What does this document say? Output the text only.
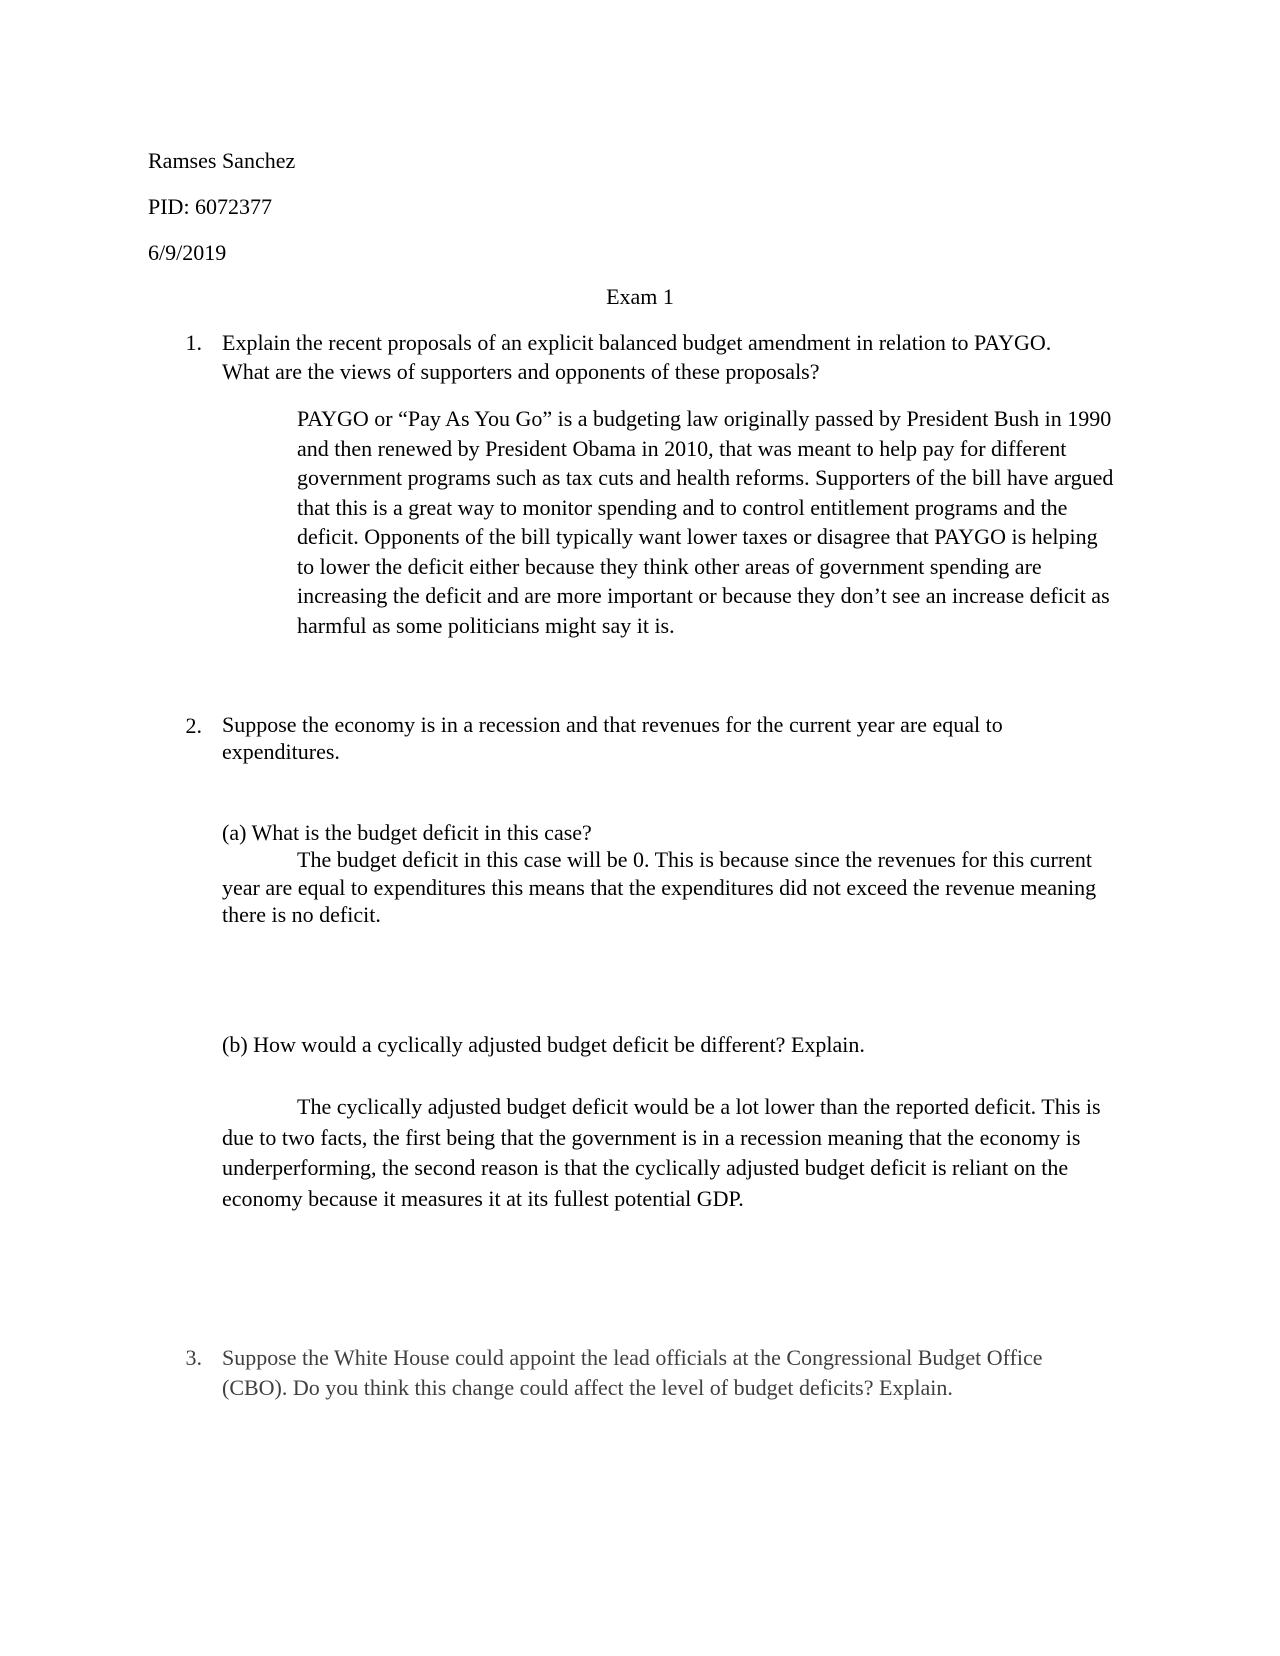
Ramses Sanchez

PID: 6072377

6/9/2019

Exam 1

1. Explain the recent proposals of an explicit balanced budget amendment in relation to PAYGO. What are the views of supporters and opponents of these proposals?

PAYGO or “Pay As You Go” is a budgeting law originally passed by President Bush in 1990 and then renewed by President Obama in 2010, that was meant to help pay for different government programs such as tax cuts and health reforms. Supporters of the bill have argued that this is a great way to monitor spending and to control entitlement programs and the deficit. Opponents of the bill typically want lower taxes or disagree that PAYGO is helping to lower the deficit either because they think other areas of government spending are increasing the deficit and are more important or because they don’t see an increase deficit as harmful as some politicians might say it is.

2. Suppose the economy is in a recession and that revenues for the current year are equal to expenditures.

(a) What is the budget deficit in this case?

The budget deficit in this case will be 0. This is because since the revenues for this current year are equal to expenditures this means that the expenditures did not exceed the revenue meaning there is no deficit.

(b) How would a cyclically adjusted budget deficit be different? Explain.

The cyclically adjusted budget deficit would be a lot lower than the reported deficit. This is due to two facts, the first being that the government is in a recession meaning that the economy is underperforming, the second reason is that the cyclically adjusted budget deficit is reliant on the economy because it measures it at its fullest potential GDP.

3. Suppose the White House could appoint the lead officials at the Congressional Budget Office (CBO). Do you think this change could affect the level of budget deficits? Explain.
